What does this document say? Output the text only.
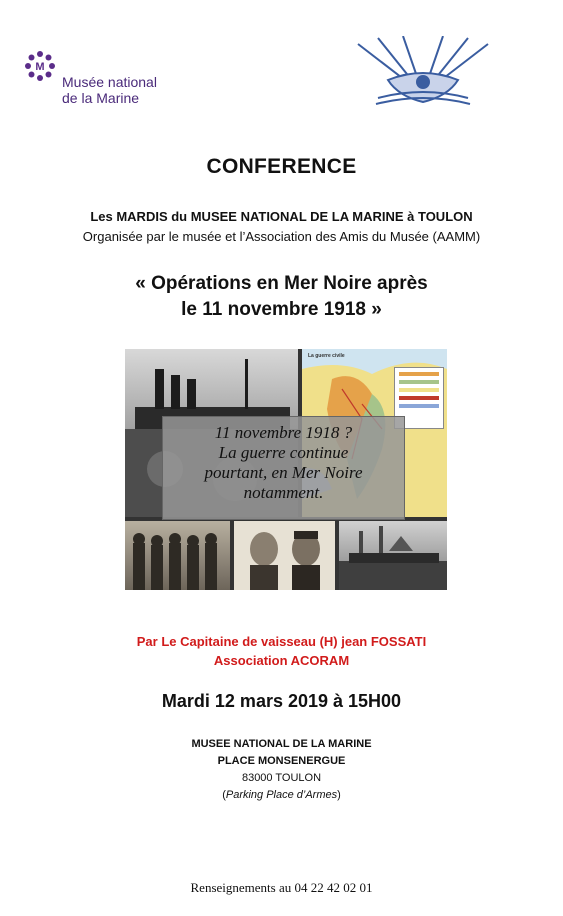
M
Musée national
de la Marine
CONFERENCE
Les MARDIS du MUSEE NATIONAL DE LA MARINE à TOULON
Organisée par le musée et l’Association des Amis du Musée (AAMM)
« Opérations en Mer Noire après
le 11 novembre 1918 »
La guerre civile
11 novembre 1918 ?
La guerre continue
pourtant, en Mer Noire
notamment.
Par Le Capitaine de vaisseau (H) jean FOSSATI
Association ACORAM
Mardi 12 mars 2019 à 15H00
MUSEE NATIONAL DE LA MARINE
PLACE MONSENERGUE
83000 TOULON
(Parking Place d’Armes)
Renseignements au 04 22 42 02 01
